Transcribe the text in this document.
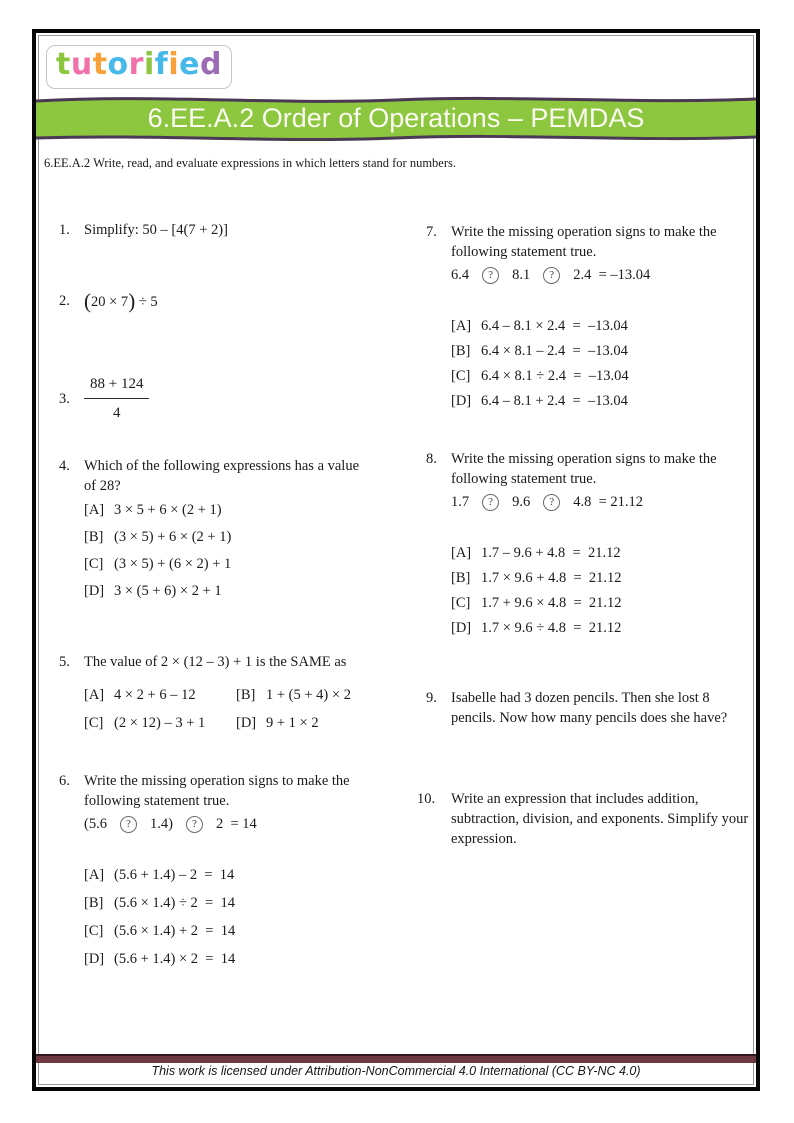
tutorified
6.EE.A.2 Order of Operations – PEMDAS
6.EE.A.2 Write, read, and evaluate expressions in which letters stand for numbers.
1. Simplify: 50 – [4(7 + 2)]

2. (20 × 7) ÷ 5

3. $\frac{88 + 124}{4}$
4. Which of the following expressions has a value of 28?

[A] 3 × 5 + 6 × (2 + 1)
[B] (3 × 5) + 6 × (2 + 1)
[C] (3 × 5) + (6 × 2) + 1
[D] 3 × (5 + 6) × 2 + 1
5. The value of 2 × (12 – 3) + 1 is the SAME as

[A] 4 × 2 + 6 – 12	[B] 1 + (5 + 4) × 2
[C] (2 × 12) – 3 + 1 [D] 9 + 1 × 2
6. Write the missing operation signs to make the following statement true.

(5.6 ? 1.4) ? 2  = 14
[A] (5.6 + 1.4) – 2  =  14
[B] (5.6 × 1.4) ÷ 2  =  14
[C] (5.6 × 1.4) + 2  =  14
[D] (5.6 + 1.4) × 2  =  14
7. Write the missing operation signs to make the following statement true.

6.4 ? 8.1 ? 2.4  = –13.04
[A] 6.4 – 8.1 × 2.4  =  –13.04
[B] 6.4 × 8.1 – 2.4  =  –13.04
[C] 6.4 × 8.1 ÷ 2.4  =  –13.04
[D] 6.4 – 8.1 + 2.4  =  –13.04
8. Write the missing operation signs to make the following statement true.

1.7 ? 9.6 ? 4.8  = 21.12
[A] 1.7 – 9.6 + 4.8  =  21.12
[B] 1.7 × 9.6 + 4.8  =  21.12
[C] 1.7 + 9.6 × 4.8  =  21.12
[D] 1.7 × 9.6 ÷ 4.8  =  21.12
9. Isabelle had 3 dozen pencils. Then she lost 8 pencils. Now how many pencils does she have?

10.	Write an expression that includes addition, subtraction, division, and exponents. Simplify your expression.

This work is licensed under Attribution-NonCommercial 4.0 International (CC BY-NC 4.0)
